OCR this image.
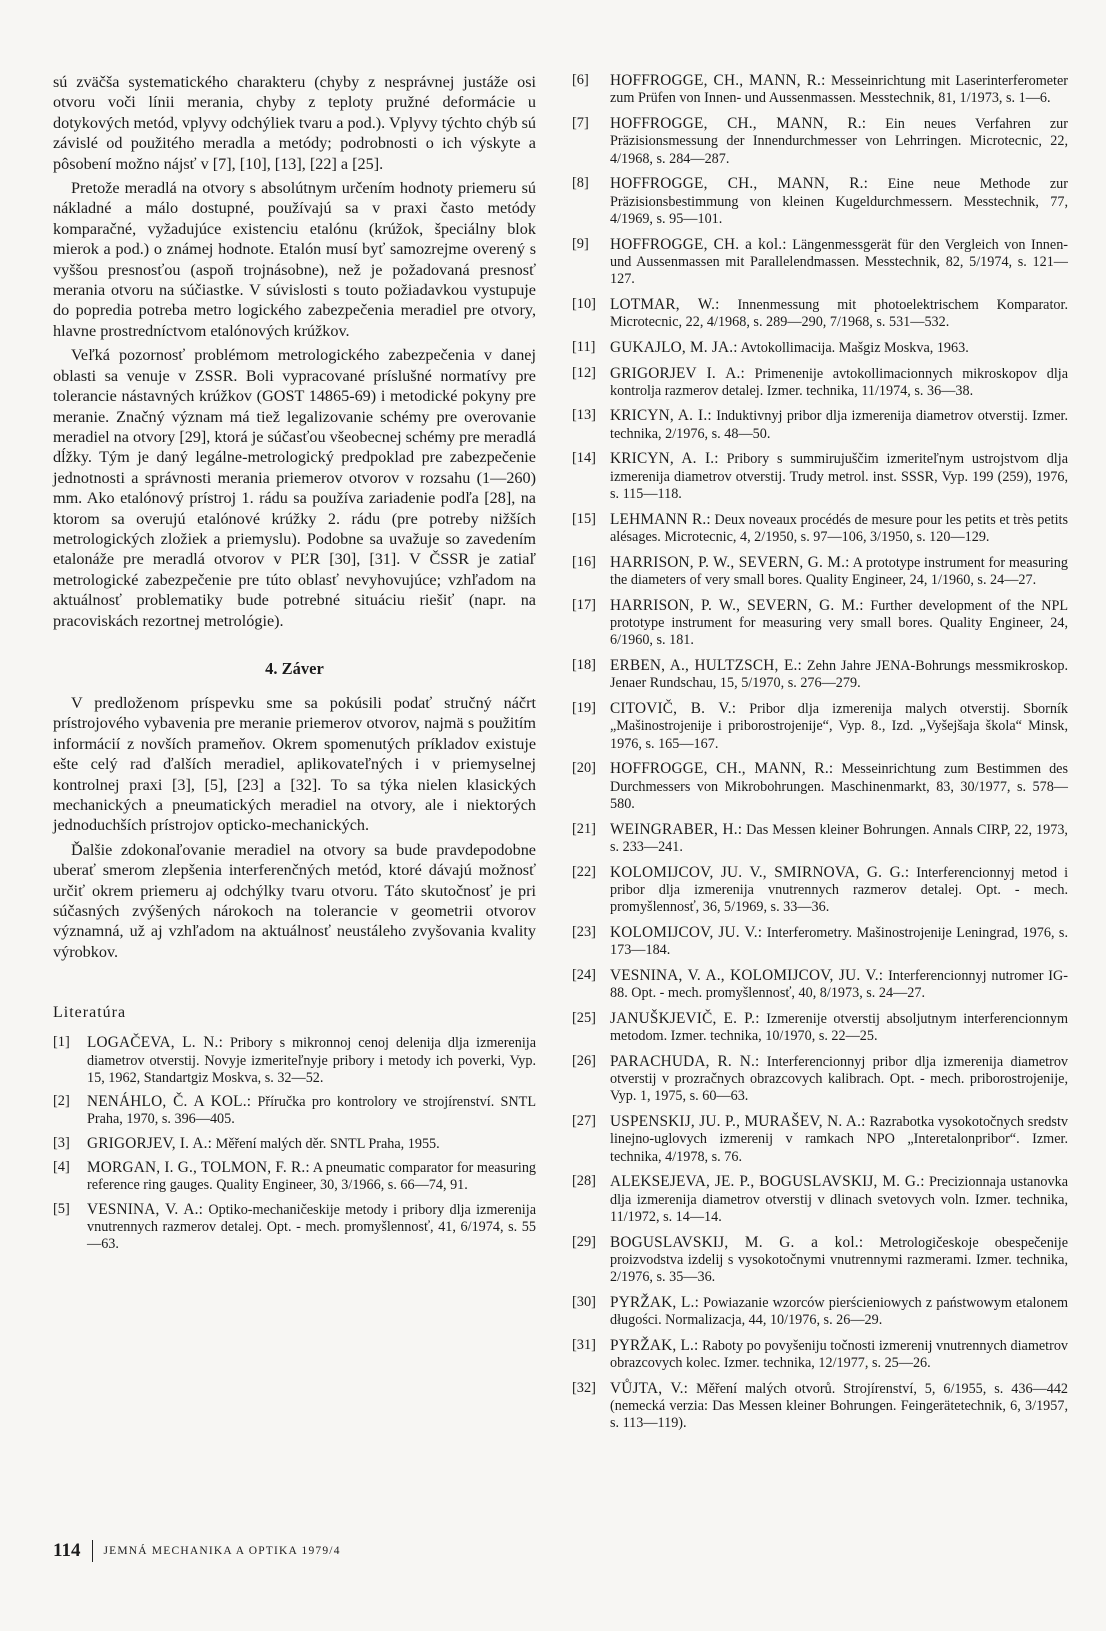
sú zväčša systematického charakteru (chyby z nesprávnej justáže osi otvoru voči línii merania, chyby z teploty pružné deformácie u dotykových metód, vplyvy odchýliek tvaru a pod.). Vplyvy týchto chýb sú závislé od použitého meradla a metódy; podrobnosti o ich výskyte a pôsobení možno nájsť v [7], [10], [13], [22] a [25].

Pretože meradlá na otvory s absolútnym určením hodnoty priemeru sú nákladné a málo dostupné, používajú sa v praxi často metódy komparačné, vyžadujúce existenciu etalónu (krúžok, špeciálny blok mierok a pod.) o známej hodnote. Etalón musí byť samozrejme overený s vyššou presnosťou (aspoň trojnásobne), než je požadovaná presnosť merania otvoru na súčiastke. V súvislosti s touto požiadavkou vystupuje do popredia potreba metro logického zabezpečenia meradiel pre otvory, hlavne prostredníctvom etalónových krúžkov.

Veľká pozornosť problémom metrologického zabezpečenia v danej oblasti sa venuje v ZSSR. Boli vypracované príslušné normatívy pre tolerancie nástavných krúžkov (GOST 14865-69) i metodické pokyny pre meranie. Značný význam má tiež legalizovanie schémy pre overovanie meradiel na otvory [29], ktorá je súčasťou všeobecnej schémy pre meradlá dĺžky. Tým je daný legálne-metrologický predpoklad pre zabezpečenie jednotnosti a správnosti merania priemerov otvorov v rozsahu (1—260) mm. Ako etalónový prístroj 1. rádu sa používa zariadenie podľa [28], na ktorom sa overujú etalónové krúžky 2. rádu (pre potreby nižších metrologických zložiek a priemyslu). Podobne sa uvažuje so zavedením etalonáže pre meradlá otvorov v PĽR [30], [31]. V ČSSR je zatiaľ metrologické zabezpečenie pre túto oblasť nevyhovujúce; vzhľadom na aktuálnosť problematiky bude potrebné situáciu riešiť (napr. na pracoviskách rezortnej metrológie).

4. Záver

V predloženom príspevku sme sa pokúsili podať stručný náčrt prístrojového vybavenia pre meranie priemerov otvorov, najmä s použitím informácií z novších prameňov. Okrem spomenutých príkladov existuje ešte celý rad ďalších meradiel, aplikovateľných i v priemyselnej kontrolnej praxi [3], [5], [23] a [32]. To sa týka nielen klasických mechanických a pneumatických meradiel na otvory, ale i niektorých jednoduchších prístrojov opticko-mechanických.

Ďalšie zdokonaľovanie meradiel na otvory sa bude pravdepodobne uberať smerom zlepšenia interferenčných metód, ktoré dávajú možnosť určiť okrem priemeru aj odchýlky tvaru otvoru. Táto skutočnosť je pri súčasných zvýšených nárokoch na tolerancie v geometrii otvorov významná, už aj vzhľadom na aktuálnosť neustáleho zvyšovania kvality výrobkov.

Literatúra

[1] LOGAČEVA, L. N.: Pribory s mikronnoj cenoj delenija dlja izmerenija diametrov otverstij. Novyje izmeriteľnyje pribory i metody ich poverki, Vyp. 15, 1962, Standartgiz Moskva, s. 32—52.

[2] NENÁHLO, Č. A KOL.: Příručka pro kontrolory ve strojírenství. SNTL Praha, 1970, s. 396—405.

[3] GRIGORJEV, I. A.: Měření malých děr. SNTL Praha, 1955.

[4] MORGAN, I. G., TOLMON, F. R.: A pneumatic comparator for measuring reference ring gauges. Quality Engineer, 30, 3/1966, s. 66—74, 91.

[5] VESNINA, V. A.: Optiko-mechaničeskije metody i pribory dlja izmerenija vnutrennych razmerov detalej. Opt. - mech. promyšlennosť, 41, 6/1974, s. 55—63.

[6] HOFFROGGE, CH., MANN, R.: Messeinrichtung mit Laserinterferometer zum Prüfen von Innen- und Aussenmassen. Messtechnik, 81, 1/1973, s. 1—6.

[7] HOFFROGGE, CH., MANN, R.: Ein neues Verfahren zur Präzisionsmessung der Innendurchmesser von Lehrringen. Microtecnic, 22, 4/1968, s. 284—287.

[8] HOFFROGGE, CH., MANN, R.: Eine neue Methode zur Präzisionsbestimmung von kleinen Kugeldurchmessern. Messtechnik, 77, 4/1969, s. 95—101.

[9] HOFFROGGE, CH. a kol.: Längenmessgerät für den Vergleich von Innen- und Aussenmassen mit Parallelendmassen. Messtechnik, 82, 5/1974, s. 121—127.

[10] LOTMAR, W.: Innenmessung mit photoelektrischem Komparator. Microtecnic, 22, 4/1968, s. 289—290, 7/1968, s. 531—532.

[11] GUKAJLO, M. JA.: Avtokollimacija. Mašgiz Moskva, 1963.

[12] GRIGORJEV I. A.: Primenenije avtokollimacionnych mikroskopov dlja kontrolja razmerov detalej. Izmer. technika, 11/1974, s. 36—38.

[13] KRICYN, A. I.: Induktivnyj pribor dlja izmerenija diametrov otverstij. Izmer. technika, 2/1976, s. 48—50.

[14] KRICYN, A. I.: Pribory s summirujuščim izmeriteľnym ustrojstvom dlja izmerenija diametrov otverstij. Trudy metrol. inst. SSSR, Vyp. 199 (259), 1976, s. 115—118.

[15] LEHMANN R.: Deux noveaux procédés de mesure pour les petits et très petits alésages. Microtecnic, 4, 2/1950, s. 97—106, 3/1950, s. 120—129.

[16] HARRISON, P. W., SEVERN, G. M.: A prototype instrument for measuring the diameters of very small bores. Quality Engineer, 24, 1/1960, s. 24—27.

[17] HARRISON, P. W., SEVERN, G. M.: Further development of the NPL prototype instrument for measuring very small bores. Quality Engineer, 24, 6/1960, s. 181.

[18] ERBEN, A., HULTZSCH, E.: Zehn Jahre JENA-Bohrungs messmikroskop. Jenaer Rundschau, 15, 5/1970, s. 276—279.

[19] CITOVIČ, B. V.: Pribor dlja izmerenija malych otverstij. Sborník „Mašinostrojenije i priborostrojenije“, Vyp. 8., Izd. „Vyšejšaja škola“ Minsk, 1976, s. 165—167.

[20] HOFFROGGE, CH., MANN, R.: Messeinrichtung zum Bestimmen des Durchmessers von Mikrobohrungen. Maschinenmarkt, 83, 30/1977, s. 578—580.

[21] WEINGRABER, H.: Das Messen kleiner Bohrungen. Annals CIRP, 22, 1973, s. 233—241.

[22] KOLOMIJCOV, JU. V., SMIRNOVA, G. G.: Interferencionnyj metod i pribor dlja izmerenija vnutrennych razmerov detalej. Opt. - mech. promyšlennosť, 36, 5/1969, s. 33—36.

[23] KOLOMIJCOV, JU. V.: Interferometry. Mašinostrojenije Leningrad, 1976, s. 173—184.

[24] VESNINA, V. A., KOLOMIJCOV, JU. V.: Interferencionnyj nutromer IG-88. Opt. - mech. promyšlennosť, 40, 8/1973, s. 24—27.

[25] JANUŠKJEVIČ, E. P.: Izmerenije otverstij absoljutnym interferencionnym metodom. Izmer. technika, 10/1970, s. 22—25.

[26] PARACHUDA, R. N.: Interferencionnyj pribor dlja izmerenija diametrov otverstij v prozračnych obrazcovych kalibrach. Opt. - mech. priborostrojenije, Vyp. 1, 1975, s. 60—63.

[27] USPENSKIJ, JU. P., MURAŠEV, N. A.: Razrabotka vysokotočnych sredstv linejno-uglovych izmerenij v ramkach NPO „Interetalonpribor“. Izmer. technika, 4/1978, s. 76.

[28] ALEKSEJEVA, JE. P., BOGUSLAVSKIJ, M. G.: Precizionnaja ustanovka dlja izmerenija diametrov otverstij v dlinach svetovych voln. Izmer. technika, 11/1972, s. 14—14.

[29] BOGUSLAVSKIJ, M. G. a kol.: Metrologičeskoje obespečenije proizvodstva izdelij s vysokotočnymi vnutrennymi razmerami. Izmer. technika, 2/1976, s. 35—36.

[30] PYRŽAK, L.: Powiazanie wzorców pierścieniowych z państwowym etalonem długości. Normalizacja, 44, 10/1976, s. 26—29.

[31] PYRŽAK, L.: Raboty po povyšeniju točnosti izmerenij vnutrennych diametrov obrazcovych kolec. Izmer. technika, 12/1977, s. 25—26.

[32] VŮJTA, V.: Měření malých otvorů. Strojírenství, 5, 6/1955, s. 436—442 (nemecká verzia: Das Messen kleiner Bohrungen. Feingerätetechnik, 6, 3/1957, s. 113—119).

114 JEMNÁ MECHANIKA A OPTIKA 1979/4
